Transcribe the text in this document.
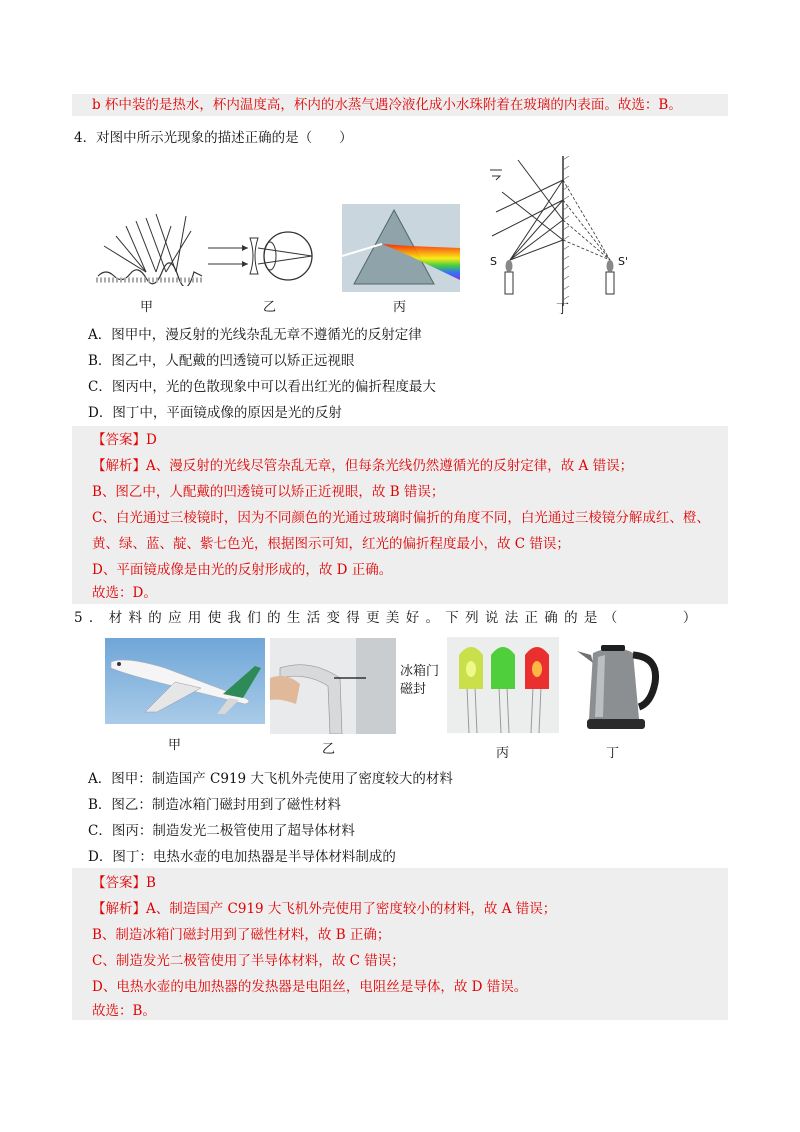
b 杯中装的是热水，杯内温度高，杯内的水蒸气遇冷液化成小水珠附着在玻璃的内表面。故选：B。
4．对图中所示光现象的描述正确的是（　　）
甲	乙	丙
S	S'
丁
A．图甲中，漫反射的光线杂乱无章不遵循光的反射定律
B．图乙中，人配戴的凹透镜可以矫正远视眼
C．图丙中，光的色散现象中可以看出红光的偏折程度最大
D．图丁中，平面镜成像的原因是光的反射
【答案】D
【解析】A、漫反射的光线尽管杂乱无章，但每条光线仍然遵循光的反射定律，故 A 错误；
B、图乙中，人配戴的凹透镜可以矫正近视眼，故 B 错误；
C、白光通过三棱镜时，因为不同颜色的光通过玻璃时偏折的角度不同，白光通过三棱镜分解成红、橙、
黄、绿、蓝、靛、紫七色光，根据图示可知，红光的偏折程度最小，故 C 错误；
D、平面镜成像是由光的反射形成的，故 D 正确。
故选：D。
5．材料的应用使我们的生活变得更美好。下列说法正确的是（　　　）
甲
冰箱门
磁封
乙	丙	丁
A．图甲：制造国产 C919 大飞机外壳使用了密度较大的材料
B．图乙：制造冰箱门磁封用到了磁性材料
C．图丙：制造发光二极管使用了超导体材料
D．图丁：电热水壶的电加热器是半导体材料制成的
【答案】B
【解析】A、制造国产 C919 大飞机外壳使用了密度较小的材料，故 A 错误；
B、制造冰箱门磁封用到了磁性材料，故 B 正确；
C、制造发光二极管使用了半导体材料，故 C 错误；
D、电热水壶的电加热器的发热器是电阻丝，电阻丝是导体，故 D 错误。
故选：B。
